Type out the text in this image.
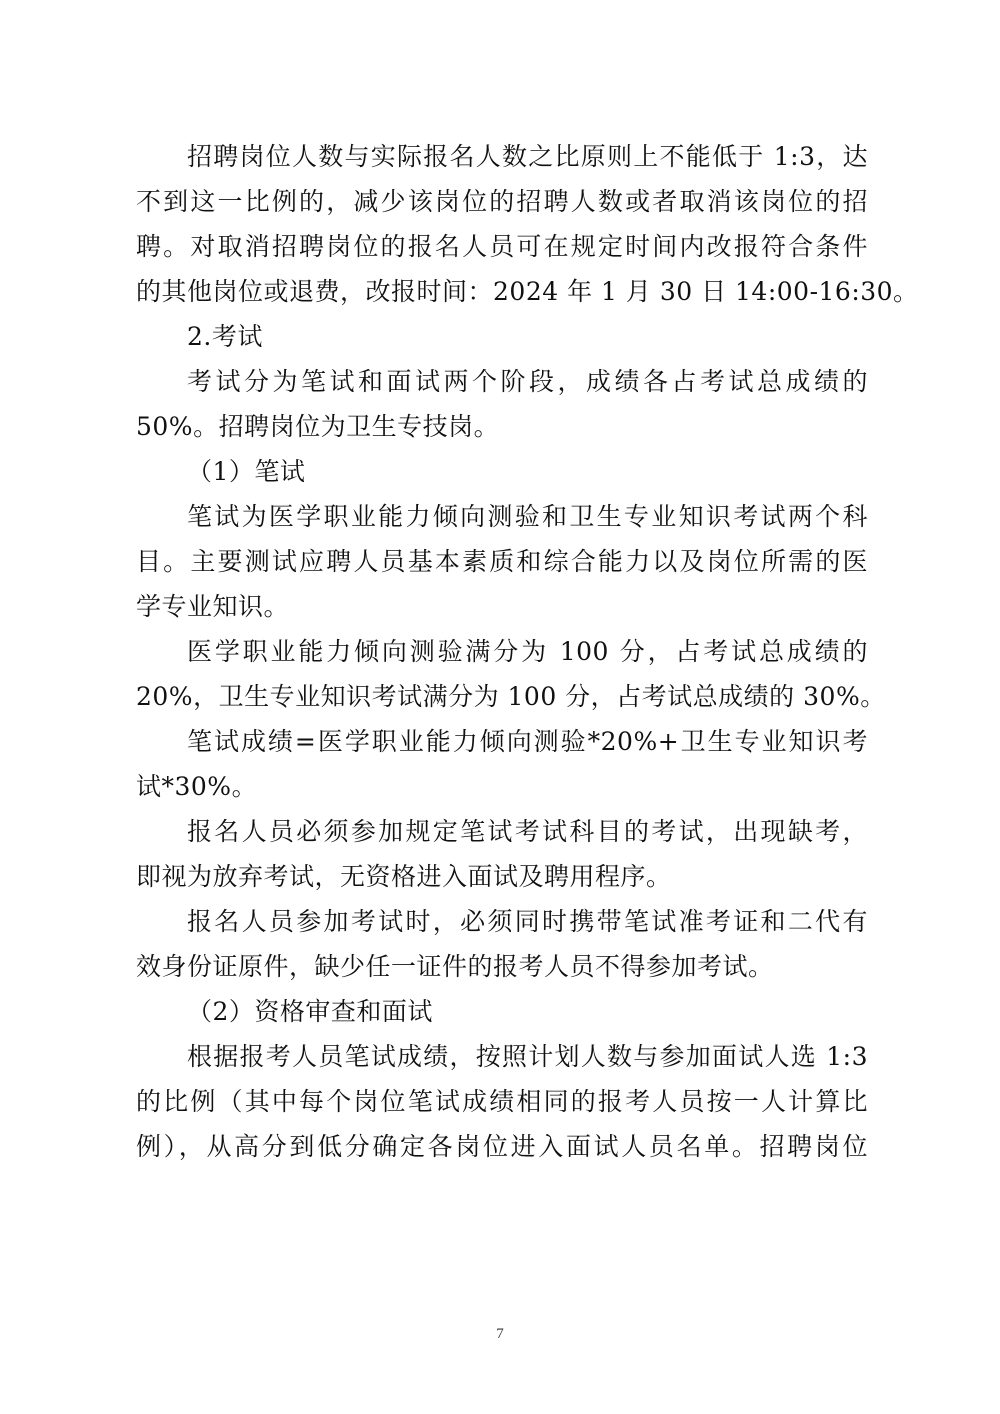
招聘岗位人数与实际报名人数之比原则上不能低于 1:3，达
不到这一比例的，减少该岗位的招聘人数或者取消该岗位的招
聘。对取消招聘岗位的报名人员可在规定时间内改报符合条件
的其他岗位或退费，改报时间：2024 年 1 月 30 日 14:00-16:30。
2.考试
考试分为笔试和面试两个阶段，成绩各占考试总成绩的
50%。招聘岗位为卫生专技岗。
（1）笔试
笔试为医学职业能力倾向测验和卫生专业知识考试两个科
目。主要测试应聘人员基本素质和综合能力以及岗位所需的医
学专业知识。
医学职业能力倾向测验满分为 100 分，占考试总成绩的
20%，卫生专业知识考试满分为 100 分，占考试总成绩的 30%。
笔试成绩=医学职业能力倾向测验*20%+卫生专业知识考
试*30%。
报名人员必须参加规定笔试考试科目的考试，出现缺考，
即视为放弃考试，无资格进入面试及聘用程序。
报名人员参加考试时，必须同时携带笔试准考证和二代有
效身份证原件，缺少任一证件的报考人员不得参加考试。
（2）资格审查和面试
根据报考人员笔试成绩，按照计划人数与参加面试人选 1:3
的比例（其中每个岗位笔试成绩相同的报考人员按一人计算比
例），从高分到低分确定各岗位进入面试人员名单。招聘岗位
7
